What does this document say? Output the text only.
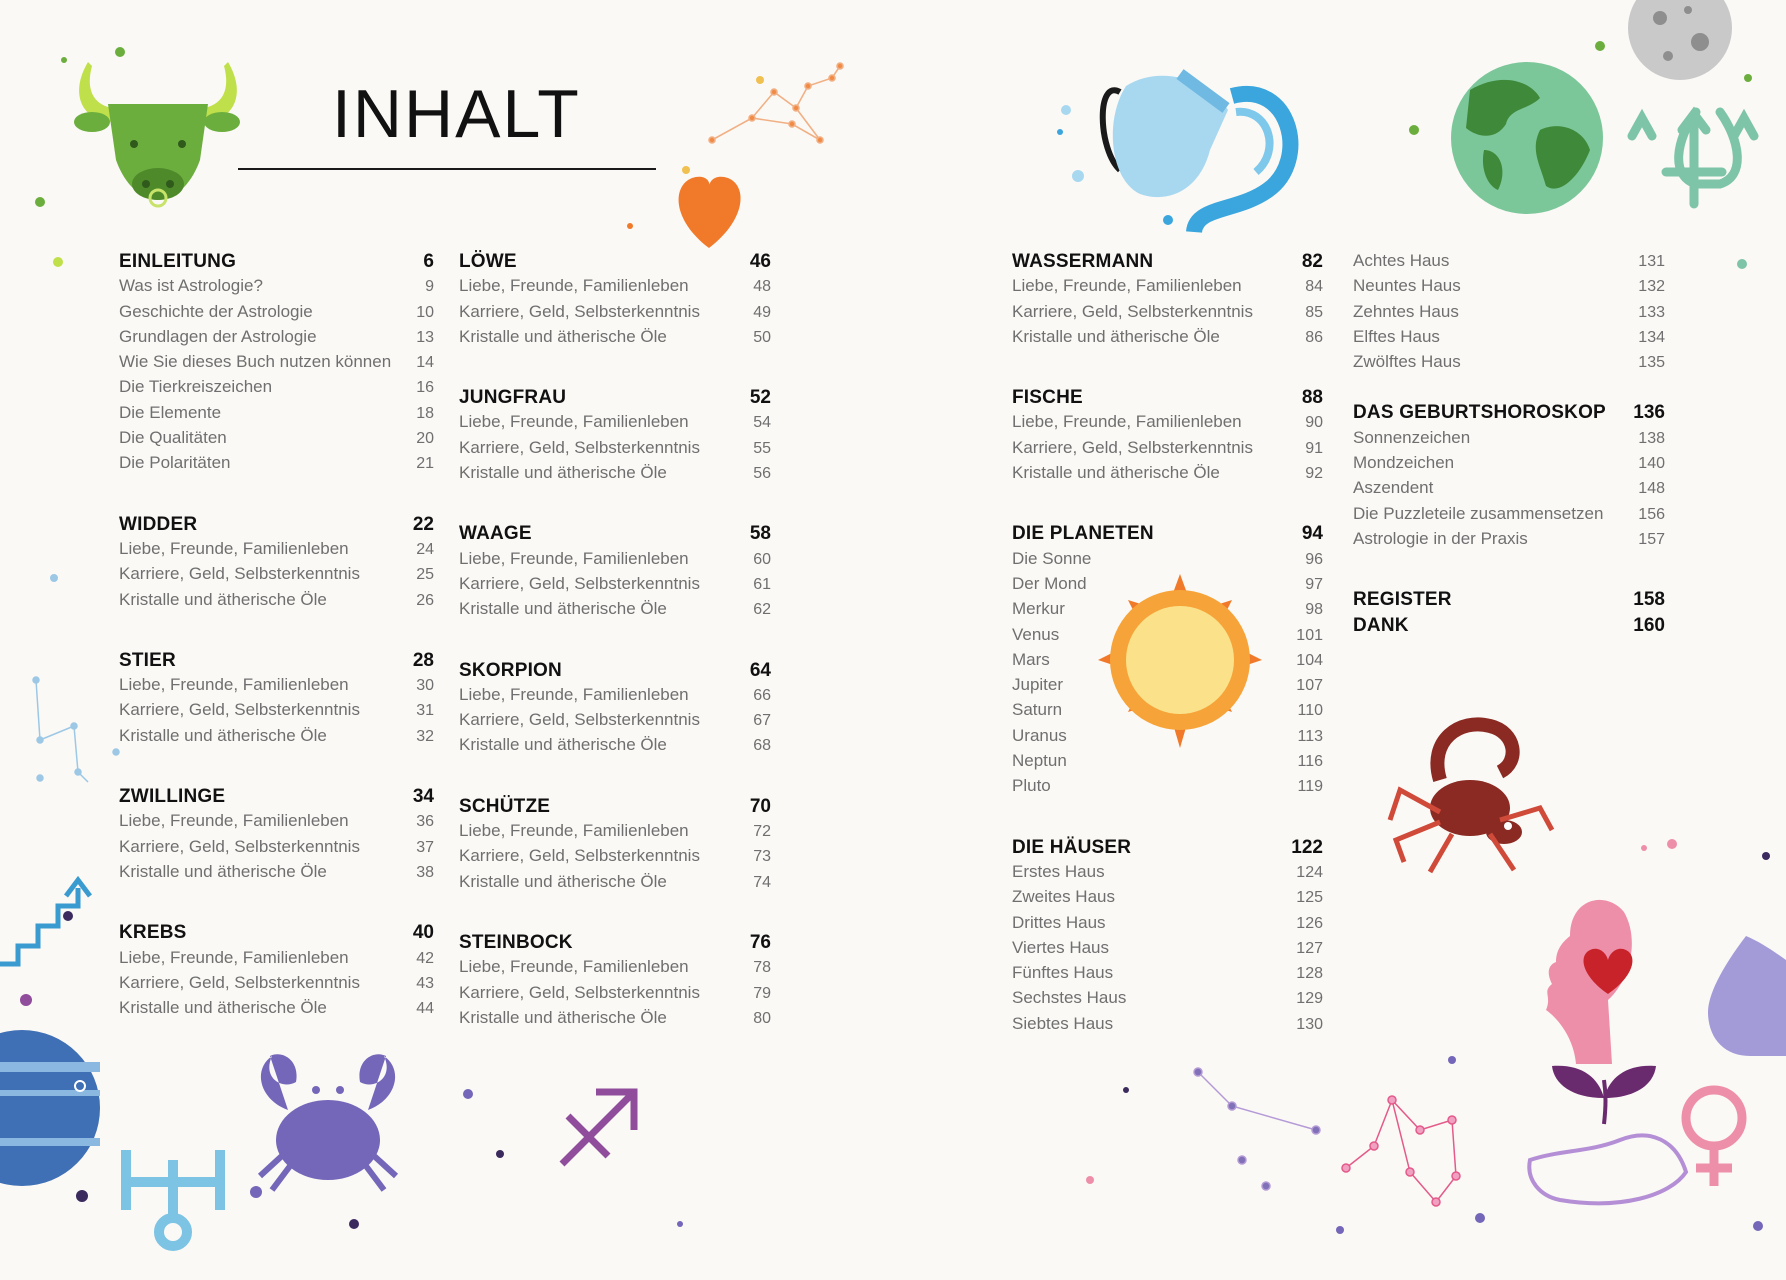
INHALT
EINLEITUNG	6
Was ist Astrologie?	9
Geschichte der Astrologie	10
Grundlagen der Astrologie	13
Wie Sie dieses Buch nutzen können 14
Die Tierkreiszeichen	16
Die Elemente	18
Die Qualitäten	20
Die Polaritäten	21
WIDDER	22
Liebe, Freunde, Familienleben	24
Karriere, Geld, Selbsterkenntnis	25
Kristalle und ätherische Öle	26
STIER	28
Liebe, Freunde, Familienleben	30
Karriere, Geld, Selbsterkenntnis	31
Kristalle und ätherische Öle	32
ZWILLINGE	34
Liebe, Freunde, Familienleben	36
Karriere, Geld, Selbsterkenntnis	37
Kristalle und ätherische Öle	38
KREBS	40
Liebe, Freunde, Familienleben	42
Karriere, Geld, Selbsterkenntnis	43
Kristalle und ätherische Öle	44
LÖWE	46
Liebe, Freunde, Familienleben	48
Karriere, Geld, Selbsterkenntnis	49
Kristalle und ätherische Öle	50
JUNGFRAU	52
Liebe, Freunde, Familienleben	54
Karriere, Geld, Selbsterkenntnis	55
Kristalle und ätherische Öle	56
WAAGE	58
Liebe, Freunde, Familienleben	60
Karriere, Geld, Selbsterkenntnis	61
Kristalle und ätherische Öle	62
SKORPION	64
Liebe, Freunde, Familienleben	66
Karriere, Geld, Selbsterkenntnis	67
Kristalle und ätherische Öle	68
SCHÜTZE	70
Liebe, Freunde, Familienleben	72
Karriere, Geld, Selbsterkenntnis	73
Kristalle und ätherische Öle	74
STEINBOCK	76
Liebe, Freunde, Familienleben	78
Karriere, Geld, Selbsterkenntnis	79
Kristalle und ätherische Öle	80
WASSERMANN	82
Liebe, Freunde, Familienleben	84
Karriere, Geld, Selbsterkenntnis	85
Kristalle und ätherische Öle	86
FISCHE	88
Liebe, Freunde, Familienleben	90
Karriere, Geld, Selbsterkenntnis	91
Kristalle und ätherische Öle	92
DIE PLANETEN	94
Die Sonne	96
Der Mond	97
Merkur	98
Venus	101
Mars	104
Jupiter	107
Saturn	110
Uranus	113
Neptun	116
Pluto	119
DIE HÄUSER	122
Erstes Haus	124
Zweites Haus	125
Drittes Haus	126
Viertes Haus	127
Fünftes Haus	128
Sechstes Haus	129
Siebtes Haus	130
Achtes Haus	131
Neuntes Haus	132
Zehntes Haus	133
Elftes Haus	134
Zwölftes Haus	135
DAS GEBURTSHOROSKOP 136
Sonnenzeichen	138
Mondzeichen	140
Aszendent	148
Die Puzzleteile zusammensetzen 156
Astrologie in der Praxis	157
REGISTER	158
DANK	160
